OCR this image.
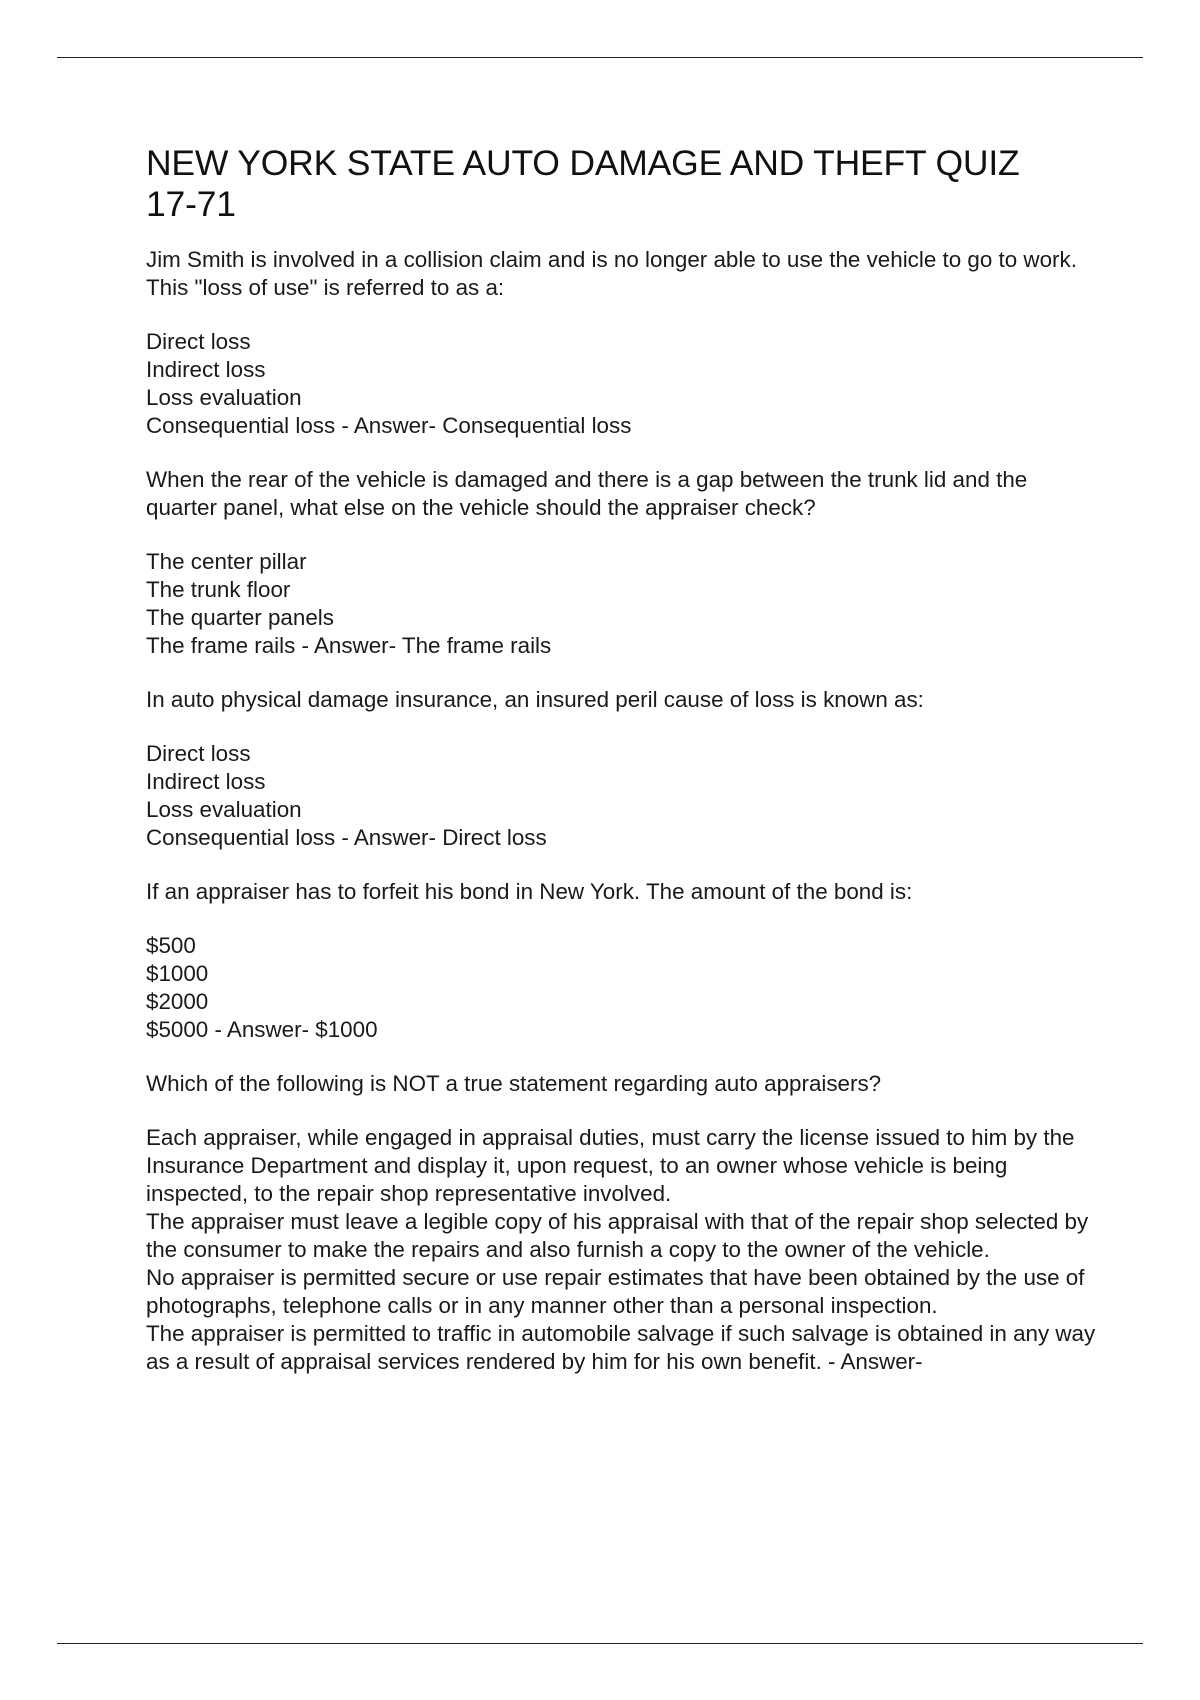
NEW YORK STATE AUTO DAMAGE AND THEFT QUIZ
17-71

Jim Smith is involved in a collision claim and is no longer able to use the vehicle to go to work. This "loss of use" is referred to as a:

Direct loss
Indirect loss
Loss evaluation
Consequential loss - Answer- Consequential loss

When the rear of the vehicle is damaged and there is a gap between the trunk lid and the quarter panel, what else on the vehicle should the appraiser check?

The center pillar
The trunk floor
The quarter panels
The frame rails - Answer- The frame rails

In auto physical damage insurance, an insured peril cause of loss is known as:

Direct loss
Indirect loss
Loss evaluation
Consequential loss - Answer- Direct loss

If an appraiser has to forfeit his bond in New York. The amount of the bond is:

$500
$1000
$2000
$5000 - Answer- $1000

Which of the following is NOT a true statement regarding auto appraisers?

Each appraiser, while engaged in appraisal duties, must carry the license issued to him by the Insurance Department and display it, upon request, to an owner whose vehicle is being inspected, to the repair shop representative involved.
The appraiser must leave a legible copy of his appraisal with that of the repair shop selected by the consumer to make the repairs and also furnish a copy to the owner of the vehicle.
No appraiser is permitted secure or use repair estimates that have been obtained by the use of photographs, telephone calls or in any manner other than a personal inspection.
The appraiser is permitted to traffic in automobile salvage if such salvage is obtained in any way as a result of appraisal services rendered by him for his own benefit. - Answer-
